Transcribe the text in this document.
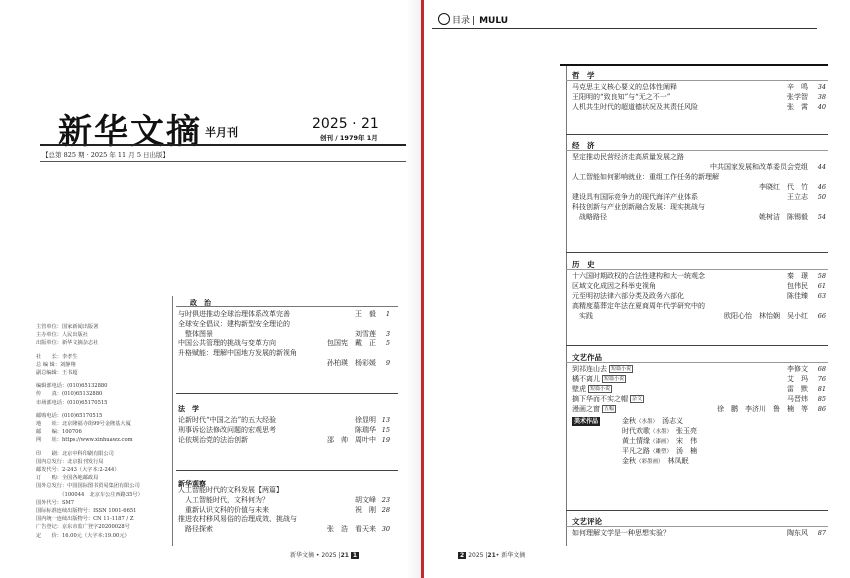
新华文摘 半月刊
2025 · 21
创刊 / 1979年 1月
【总第 825 期 · 2025 年 11 月 5 日出版】
主管单位：国家新闻出版署
主办单位：人民出版社
出版单位：新华文摘杂志社
社　　长：李孝生
总 编 辑：刘静翔
副总编辑：王书超
编辑部电话：(010)65132880
传　　真：(010)65132880
市场部电话：(010)65170515
邮购电话：(010)65170515
地　　址：北京隆福寺街99号金隆基大厦
邮　　编：100706
网　　址：https://www.xinhuawz.com
印　　刷：北京中科印刷有限公司
国内总发行：北京报刊发行局
邮发代号：2-243（大字本:2-244）
订　　购：全国各地邮政局
国外总发行：中国国际图书贸易集团有限公司
　　　　　（100044　北京车公庄西路35号）
国外代号：SM7
国际标准连续出版物号：ISSN 1001-6651
国内统一连续出版物号：CN 11-1187 / Z
广告登记：京东市监广登字20200028号
定　　价：16.00元（大字本:19.00元）
政　治
与时俱进推动全球治理体系改革完善	王　毅 1
全球安全倡议：建构新型安全理论的
　整体图景	刘雪莲 3
中国公共管理的挑战与变革方向	包国宪　戴　正 5
升格赋能：理解中国地方发展的新视角
孙柏瑛　杨彩媛 9
法　学
论新时代“中国之治”的五大经验	徐显明 13
刑事诉讼法修改问题的宏观思考	陈瑞华 15
论依规治党的法治创新	邵　帅　周叶中 19
新华观察
人工智能时代的文科发展【两篇】
　人工智能时代，文科何为？	胡文峰 23
　重新认识文科的价值与未来	祝　刚 28
推进农村移风易俗的治理成效、挑战与
　路径探索	张　浩　看天来 30
新华文摘 • 2025 |21 1
目录 | MULU
哲　学
马克思主义核心要义的总体性阐释	辛　鸣 34
王阳明的“致良知”与“无之不一”	张学智 38
人机共生时代的超道德状况及其责任风险	张　霄 40
经　济
坚定推动民营经济走高质量发展之路
中共国家发展和改革委员会党组 44
人工智能如何影响就业：重组工作任务的新理解
李晓红　代　竹 46
建设具有国际竞争力的现代海洋产业体系	王立志 50
科技创新与产业创新融合发展：现实挑战与
　战略路径	姚树洁　陈锡毅 54
历　史
十六国时期政权的合法性建构和大一统观念	秦　璟 58
区域文化成因之科举史视角	包伟民 61
元至明初法律六部分类及政务六部化	陈佳臻 63
高精度墓葬定年法在夏商周年代学研究中的
　实践	欧阳心怡　林怡娴　吴小红 66
文艺作品
到祁连山去 短篇小说	李修文 68
橘不离儿 短篇小说	艾　玛 76
壁虎 短篇小说	雷　默 81
摘下华而不实之帽 杂文	马晋炜 85
漫画之窗 五幅	徐　鹏　李济川　鲁　楠　等 86
美术作品	金秋（水墨） 汤志义
时代欢歌（水墨） 张玉亮
黄土情缘（漆画） 宋　伟
平凡之路（雕塑） 汤　楠
金秋（彩墨画） 林凤眠
文艺评论
如何理解文学是一种思想实验？	陶东风 87
2 2025 |21• 新华文摘
